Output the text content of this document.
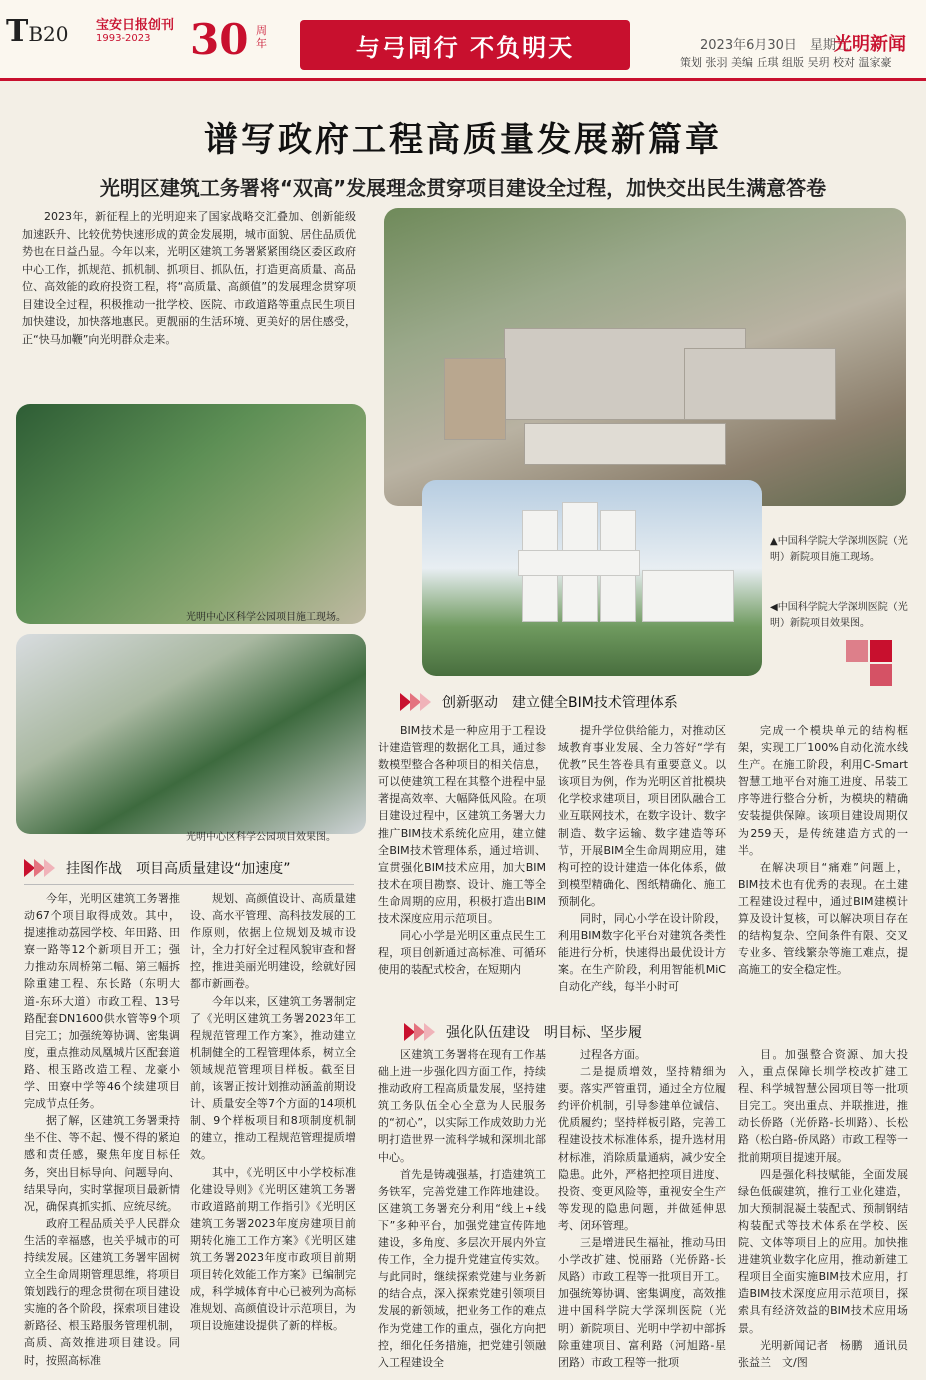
TB20 宝安日报创刊
1993-2023 30 周年	与弓同行 不负明天	2023年6月30日　星期五
光明新闻
策划 张羽 美编 丘琪 组版 吴玥 校对 温家豪
谱写政府工程高质量发展新篇章
光明区建筑工务署将“双高”发展理念贯穿项目建设全过程，加快交出民生满意答卷
2023年，新征程上的光明迎来了国家战略交汇叠加、创新能级加速跃升、比较优势快速形成的黄金发展期，城市面貌、居住品质优势也在日益凸显。今年以来，光明区建筑工务署紧紧围绕区委区政府中心工作，抓规范、抓机制、抓项目、抓队伍，打造更高质量、高品位、高效能的政府投资工程，将“高质量、高颜值”的发展理念贯穿项目建设全过程，积极推动一批学校、医院、市政道路等重点民生项目加快建设，加快落地惠民。更靓丽的生活环境、更美好的居住感受，正“快马加鞭”向光明群众走来。
光明中心区科学公园项目施工现场。
▲中国科学院大学深圳医院（光明）新院项目施工现场。
◀中国科学院大学深圳医院（光明）新院项目效果图。
光明中心区科学公园项目效果图。
挂图作战　项目高质量建设“加速度”

今年，光明区建筑工务署推动67个项目取得成效。其中，提速推动荔园学校、年田路、田寮一路等12个新项目开工；强力推动东周桥第二幅、第三幅拆除重建工程、东长路（东明大道-东环大道）市政工程、13号路配套DN1600供水管等9个项目完工；加强统筹协调、密集调度，重点推动凤凰城片区配套道路、根玉路改造工程、龙豪小学、田寮中学等46个续建项目完成节点任务。

据了解，区建筑工务署秉持坐不住、等不起、慢不得的紧迫感和责任感，聚焦年度目标任务，突出目标导向、问题导向、结果导向，实时掌握项目最新情况，确保真抓实抓、应统尽统。

政府工程品质关乎人民群众生活的幸福感，也关乎城市的可持续发展。区建筑工务署牢固树立全生命周期管理思维，将项目策划践行的理念贯彻在项目建设实施的各个阶段，探索项目建设新路径、根玉路服务管理机制，高质、高效推进项目建设。同时，按照高标准

规划、高颜值设计、高质量建设、高水平管理、高科技发展的工作原则，依据上位规划及城市设计，全力打好全过程风貌审查和督控，推进美丽光明建设，绘就好园都市新画卷。

今年以来，区建筑工务署制定了《光明区建筑工务署2023年工程规范管理工作方案》，推动建立机制健全的工程管理体系，树立全领域规范管理项目样板。截至目前，该署正按计划推动涵盖前期设计、质量安全等7个方面的14项机制、9个样板项目和8项制度机制的建立，推动工程规范管理提质增效。

其中，《光明区中小学校标准化建设导则》《光明区建筑工务署市政道路前期工作指引》《光明区建筑工务署2023年度房建项目前期转化施工工作方案》《光明区建筑工务署2023年度市政项目前期项目转化效能工作方案》已编制完成，科学城体育中心已被列为高标准规划、高颜值设计示范项目，为项目设施建设提供了新的样板。

创新驱动　建立健全BIM技术管理体系

BIM技术是一种应用于工程设计建造管理的数据化工具，通过参数模型整合各种项目的相关信息，可以使建筑工程在其整个进程中显著提高效率、大幅降低风险。在项目建设过程中，区建筑工务署大力推广BIM技术系统化应用，建立健全BIM技术管理体系，通过培训、宣贯强化BIM技术应用，加大BIM技术在项目勘察、设计、施工等全生命周期的应用，积极打造出BIM技术深度应用示范项目。

同心小学是光明区重点民生工程，项目创新通过高标准、可循环使用的装配式校舍，在短期内

提升学位供给能力，对推动区域教育事业发展、全力答好“学有优教”民生答卷具有重要意义。以该项目为例，作为光明区首批模块化学校求建项目，项目团队融合工业互联网技术，在数字设计、数字制造、数字运输、数字建造等环节，开展BIM全生命周期应用，建构可控的设计建造一体化体系，做到模型精确化、图纸精确化、施工预制化。

同时，同心小学在设计阶段，利用BIM数字化平台对建筑各类性能进行分析，快速得出最优设计方案。在生产阶段，利用智能机MiC自动化产线，每半小时可

完成一个模块单元的结构框架，实现工厂100%自动化流水线生产。在施工阶段，利用C-Smart智慧工地平台对施工进度、吊装工序等进行整合分析，为模块的精确安装提供保障。该项目建设周期仅为259天，是传统建造方式的一半。

在解决项目“痛难”问题上，BIM技术也有优秀的表现。在土建工程建设过程中，通过BIM建模计算及设计复核，可以解决项目存在的结构复杂、空间条件有限、交叉专业多、管线繁杂等施工难点，提高施工的安全稳定性。

强化队伍建设　明目标、坚步履

区建筑工务署将在现有工作基础上进一步强化四方面工作，持续推动政府工程高质量发展，坚持建筑工务队伍全心全意为人民服务的“初心”，以实际工作成效助力光明打造世界一流科学城和深圳北部中心。

首先是铸魂强基，打造建筑工务铁军，完善党建工作阵地建设。区建筑工务署充分利用“线上+线下”多种平台，加强党建宣传阵地建设，多角度、多层次开展内外宣传工作，全力提升党建宣传实效。与此同时，继续探索党建与业务新的结合点，深入探索党建引领项目发展的新领域，把业务工作的难点作为党建工作的重点，强化方向把控，细化任务措施，把党建引领融入工程建设全

过程各方面。

二是提质增效，坚持精细为要。落实严管重罚，通过全方位履约评价机制，引导参建单位诚信、优质履约；坚持样板引路，完善工程建设技术标准体系，提升选材用材标准，消除质量通病，减少安全隐患。此外，严格把控项目进度、投资、变更风险等，重视安全生产等发现的隐患问题，并做延伸思考、闭环管理。

三是增进民生福祉，推动马田小学改扩建、悦丽路（光侨路-长凤路）市政工程等一批项目开工。加强统筹协调、密集调度，高效推进中国科学院大学深圳医院（光明）新院项目、光明中学初中部拆除重建项目、富利路（河旭路-星团路）市政工程等一批项

目。加强整合资源、加大投入，重点保障长圳学校改扩建工程、科学城智慧公园项目等一批项目完工。突出重点、并联推进，推动长侨路（光侨路-长圳路）、长松路（松白路-侨凤路）市政工程等一批前期项目提速开展。

四是强化科技赋能，全面发展绿色低碳建筑，推行工业化建造，加大预制混凝土装配式、预制钢结构装配式等技术体系在学校、医院、文体等项目上的应用。加快推进建筑业数字化应用，推动新建工程项目全面实施BIM技术应用，打造BIM技术深度应用示范项目，探索具有经济效益的BIM技术应用场景。

光明新闻记者　杨鹏　通讯员　张益兰　文/图
